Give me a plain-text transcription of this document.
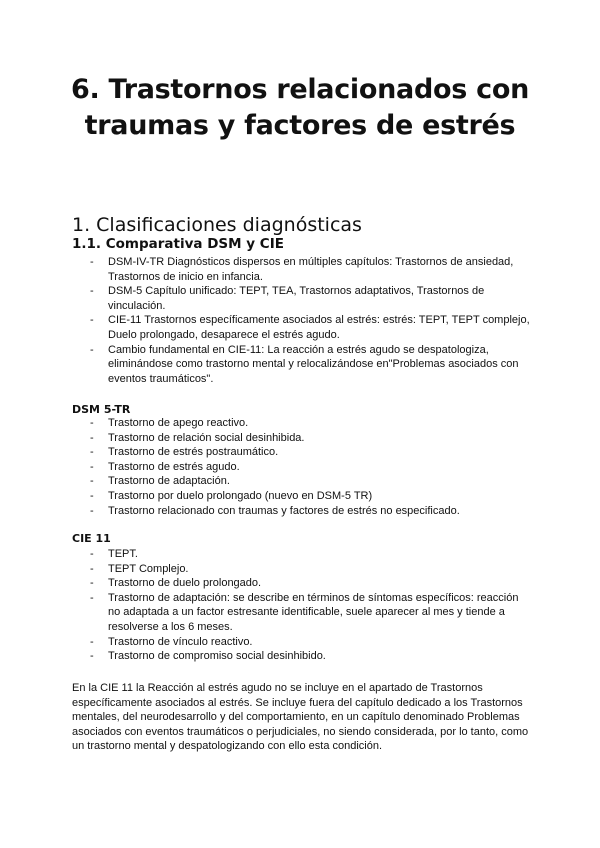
6. Trastornos relacionados con traumas y factores de estrés
1. Clasificaciones diagnósticas
1.1. Comparativa DSM y CIE
- DSM-IV-TR Diagnósticos dispersos en múltiples capítulos: Trastornos de ansiedad, Trastornos de inicio en infancia.
- DSM-5 Capítulo unificado: TEPT, TEA, Trastornos adaptativos, Trastornos de vinculación.
- CIE-11 Trastornos específicamente asociados al estrés: estrés: TEPT, TEPT complejo, Duelo prolongado, desaparece el estrés agudo.
- Cambio fundamental en CIE-11: La reacción a estrés agudo se despatologiza, eliminándose como trastorno mental y relocalizándose en"Problemas asociados con eventos traumáticos".
DSM 5-TR
- Trastorno de apego reactivo.
- Trastorno de relación social desinhibida.
- Trastorno de estrés postraumático.
- Trastorno de estrés agudo.
- Trastorno de adaptación.
- Trastorno por duelo prolongado (nuevo en DSM-5 TR)
- Trastorno relacionado con traumas y factores de estrés no especificado.
CIE 11
- TEPT.
- TEPT Complejo.
- Trastorno de duelo prolongado.
- Trastorno de adaptación: se describe en términos de síntomas específicos: reacción no adaptada a un factor estresante identificable, suele aparecer al mes y tiende a resolverse a los 6 meses.
- Trastorno de vínculo reactivo.
- Trastorno de compromiso social desinhibido.

En la CIE 11 la Reacción al estrés agudo no se incluye en el apartado de Trastornos específicamente asociados al estrés. Se incluye fuera del capítulo dedicado a los Trastornos mentales, del neurodesarrollo y del comportamiento, en un capítulo denominado Problemas asociados con eventos traumáticos o perjudiciales, no siendo considerada, por lo tanto, como un trastorno mental y despatologizando con ello esta condición.
